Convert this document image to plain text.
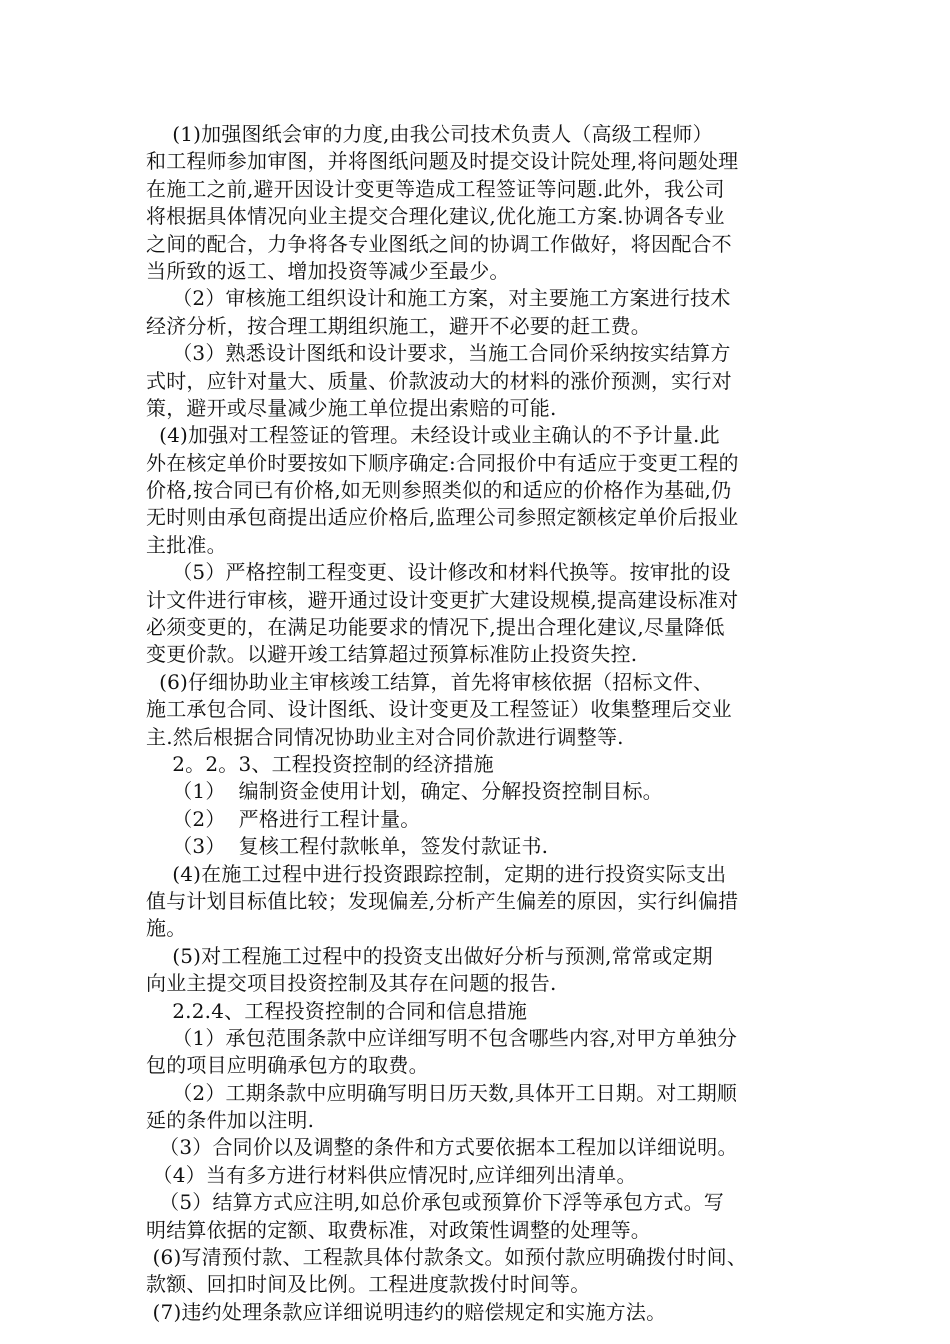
(1)加强图纸会审的力度,由我公司技术负责人（高级工程师）
和工程师参加审图，并将图纸问题及时提交设计院处理,将问题处理
在施工之前,避开因设计变更等造成工程签证等问题.此外，我公司
将根据具体情况向业主提交合理化建议,优化施工方案.协调各专业
之间的配合，力争将各专业图纸之间的协调工作做好，将因配合不
当所致的返工、增加投资等减少至最少。
（2）审核施工组织设计和施工方案，对主要施工方案进行技术
经济分析，按合理工期组织施工，避开不必要的赶工费。
（3）熟悉设计图纸和设计要求，当施工合同价采纳按实结算方
式时，应针对量大、质量、价款波动大的材料的涨价预测，实行对
策，避开或尽量减少施工单位提出索赔的可能.
(4)加强对工程签证的管理。未经设计或业主确认的不予计量.此
外在核定单价时要按如下顺序确定:合同报价中有适应于变更工程的
价格,按合同已有价格,如无则参照类似的和适应的价格作为基础,仍
无时则由承包商提出适应价格后,监理公司参照定额核定单价后报业
主批准。
（5）严格控制工程变更、设计修改和材料代换等。按审批的设
计文件进行审核，避开通过设计变更扩大建设规模,提高建设标准对
必须变更的，在满足功能要求的情况下,提出合理化建议,尽量降低
变更价款。以避开竣工结算超过预算标准防止投资失控.
(6)仔细协助业主审核竣工结算，首先将审核依据（招标文件、
施工承包合同、设计图纸、设计变更及工程签证）收集整理后交业
主.然后根据合同情况协助业主对合同价款进行调整等.
2。2。3、工程投资控制的经济措施
（1）  编制资金使用计划，确定、分解投资控制目标。
（2）  严格进行工程计量。
（3）  复核工程付款帐单，签发付款证书.
(4)在施工过程中进行投资跟踪控制，定期的进行投资实际支出
值与计划目标值比较；发现偏差,分析产生偏差的原因，实行纠偏措
施。
(5)对工程施工过程中的投资支出做好分析与预测,常常或定期
向业主提交项目投资控制及其存在问题的报告.
2.2.4、工程投资控制的合同和信息措施
（1）承包范围条款中应详细写明不包含哪些内容,对甲方单独分
包的项目应明确承包方的取费。
（2）工期条款中应明确写明日历天数,具体开工日期。对工期顺
延的条件加以注明.
（3）合同价以及调整的条件和方式要依据本工程加以详细说明。
（4）当有多方进行材料供应情况时,应详细列出清单。
（5）结算方式应注明,如总价承包或预算价下浮等承包方式。写
明结算依据的定额、取费标准，对政策性调整的处理等。
(6)写清预付款、工程款具体付款条文。如预付款应明确拨付时间、
款额、回扣时间及比例。工程进度款拨付时间等。
(7)违约处理条款应详细说明违约的赔偿规定和实施方法。
